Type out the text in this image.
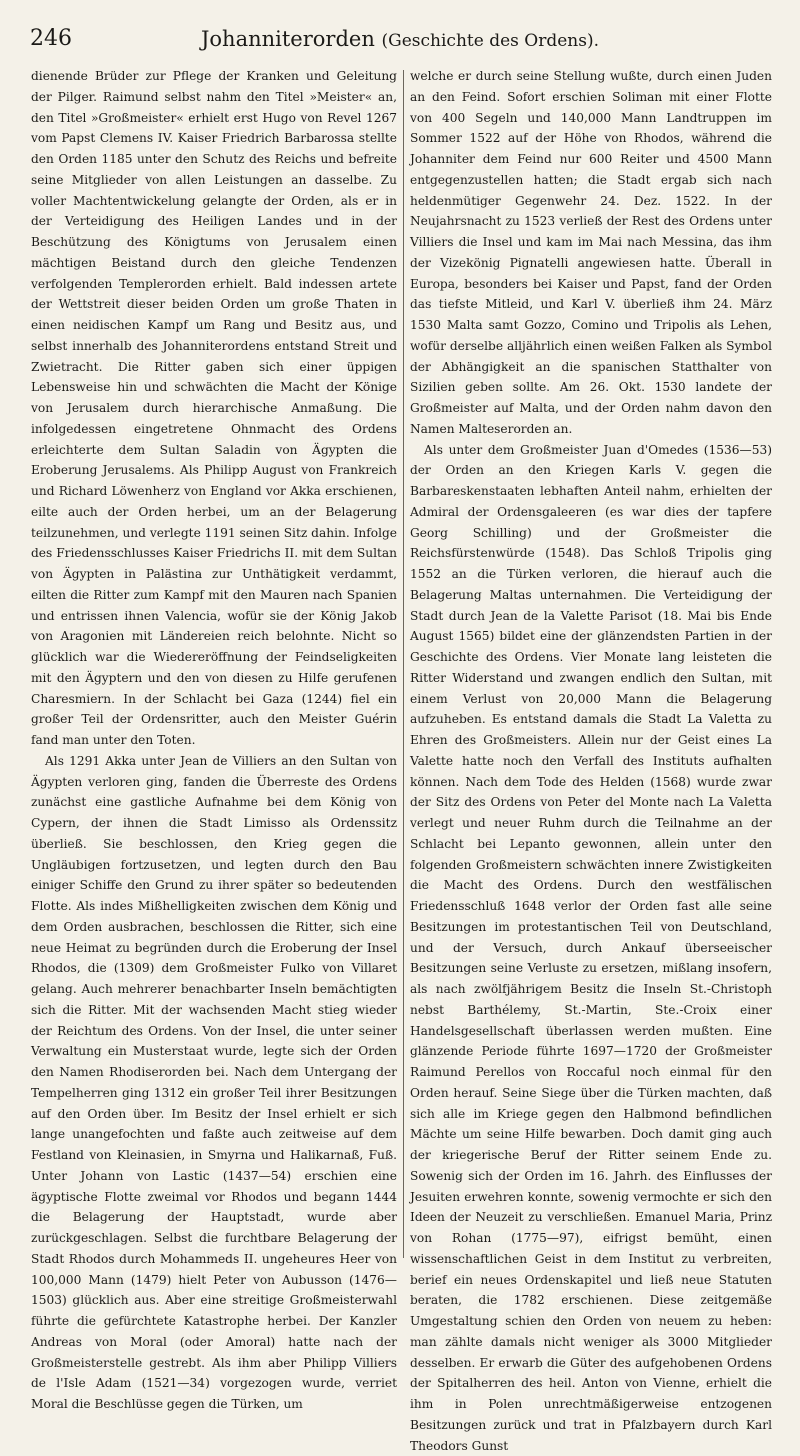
246	Johanniterorden (Geschichte des Ordens).

dienende Brüder zur Pflege der Kranken und Geleitung der Pilger. Raimund selbst nahm den Titel »Meister« an, den Titel »Großmeister« erhielt erst Hugo von Revel 1267 vom Papst Clemens IV. Kaiser Friedrich Barbarossa stellte den Orden 1185 unter den Schutz des Reichs und befreite seine Mitglieder von allen Leistungen an dasselbe. Zu voller Machtentwickelung gelangte der Orden, als er in der Verteidigung des Heiligen Landes und in der Beschützung des Königtums von Jerusalem einen mächtigen Beistand durch den gleiche Tendenzen verfolgenden Templerorden erhielt. Bald indessen artete der Wettstreit dieser beiden Orden um große Thaten in einen neidischen Kampf um Rang und Besitz aus, und selbst innerhalb des Johanniterordens entstand Streit und Zwietracht. Die Ritter gaben sich einer üppigen Lebensweise hin und schwächten die Macht der Könige von Jerusalem durch hierarchische Anmaßung. Die infolgedessen eingetretene Ohnmacht des Ordens erleichterte dem Sultan Saladin von Ägypten die Eroberung Jerusalems. Als Philipp August von Frankreich und Richard Löwenherz von England vor Akka erschienen, eilte auch der Orden herbei, um an der Belagerung teilzunehmen, und verlegte 1191 seinen Sitz dahin. Infolge des Friedensschlusses Kaiser Friedrichs II. mit dem Sultan von Ägypten in Palästina zur Unthätigkeit verdammt, eilten die Ritter zum Kampf mit den Mauren nach Spanien und entrissen ihnen Valencia, wofür sie der König Jakob von Aragonien mit Ländereien reich belohnte. Nicht so glücklich war die Wiedereröffnung der Feindseligkeiten mit den Ägyptern und den von diesen zu Hilfe gerufenen Charesmiern. In der Schlacht bei Gaza (1244) fiel ein großer Teil der Ordensritter, auch den Meister Guérin fand man unter den Toten.

Als 1291 Akka unter Jean de Villiers an den Sultan von Ägypten verloren ging, fanden die Überreste des Ordens zunächst eine gastliche Aufnahme bei dem König von Cypern, der ihnen die Stadt Limisso als Ordenssitz überließ. Sie beschlossen, den Krieg gegen die Ungläubigen fortzusetzen, und legten durch den Bau einiger Schiffe den Grund zu ihrer später so bedeutenden Flotte. Als indes Mißhelligkeiten zwischen dem König und dem Orden ausbrachen, beschlossen die Ritter, sich eine neue Heimat zu begründen durch die Eroberung der Insel Rhodos, die (1309) dem Großmeister Fulko von Villaret gelang. Auch mehrerer benachbarter Inseln bemächtigten sich die Ritter. Mit der wachsenden Macht stieg wieder der Reichtum des Ordens. Von der Insel, die unter seiner Verwaltung ein Musterstaat wurde, legte sich der Orden den Namen Rhodiserorden bei. Nach dem Untergang der Tempelherren ging 1312 ein großer Teil ihrer Besitzungen auf den Orden über. Im Besitz der Insel erhielt er sich lange unangefochten und faßte auch zeitweise auf dem Festland von Kleinasien, in Smyrna und Halikarnaß, Fuß. Unter Johann von Lastic (1437—54) erschien eine ägyptische Flotte zweimal vor Rhodos und begann 1444 die Belagerung der Hauptstadt, wurde aber zurückgeschlagen. Selbst die furchtbare Belagerung der Stadt Rhodos durch Mohammeds II. ungeheures Heer von 100,000 Mann (1479) hielt Peter von Aubusson (1476—1503) glücklich aus. Aber eine streitige Großmeisterwahl führte die gefürchtete Katastrophe herbei. Der Kanzler Andreas von Moral (oder Amoral) hatte nach der Großmeisterstelle gestrebt. Als ihm aber Philipp Villiers de l'Isle Adam (1521—34) vorgezogen wurde, verriet Moral die Beschlüsse gegen die Türken, um

welche er durch seine Stellung wußte, durch einen Juden an den Feind. Sofort erschien Soliman mit einer Flotte von 400 Segeln und 140,000 Mann Landtruppen im Sommer 1522 auf der Höhe von Rhodos, während die Johanniter dem Feind nur 600 Reiter und 4500 Mann entgegenzustellen hatten; die Stadt ergab sich nach heldenmütiger Gegenwehr 24. Dez. 1522. In der Neujahrsnacht zu 1523 verließ der Rest des Ordens unter Villiers die Insel und kam im Mai nach Messina, das ihm der Vizekönig Pignatelli angewiesen hatte. Überall in Europa, besonders bei Kaiser und Papst, fand der Orden das tiefste Mitleid, und Karl V. überließ ihm 24. März 1530 Malta samt Gozzo, Comino und Tripolis als Lehen, wofür derselbe alljährlich einen weißen Falken als Symbol der Abhängigkeit an die spanischen Statthalter von Sizilien geben sollte. Am 26. Okt. 1530 landete der Großmeister auf Malta, und der Orden nahm davon den Namen Malteserorden an.

Als unter dem Großmeister Juan d'Omedes (1536—53) der Orden an den Kriegen Karls V. gegen die Barbareskenstaaten lebhaften Anteil nahm, erhielten der Admiral der Ordensgaleeren (es war dies der tapfere Georg Schilling) und der Großmeister die Reichsfürstenwürde (1548). Das Schloß Tripolis ging 1552 an die Türken verloren, die hierauf auch die Belagerung Maltas unternahmen. Die Verteidigung der Stadt durch Jean de la Valette Parisot (18. Mai bis Ende August 1565) bildet eine der glänzendsten Partien in der Geschichte des Ordens. Vier Monate lang leisteten die Ritter Widerstand und zwangen endlich den Sultan, mit einem Verlust von 20,000 Mann die Belagerung aufzuheben. Es entstand damals die Stadt La Valetta zu Ehren des Großmeisters. Allein nur der Geist eines La Valette hatte noch den Verfall des Instituts aufhalten können. Nach dem Tode des Helden (1568) wurde zwar der Sitz des Ordens von Peter del Monte nach La Valetta verlegt und neuer Ruhm durch die Teilnahme an der Schlacht bei Lepanto gewonnen, allein unter den folgenden Großmeistern schwächten innere Zwistigkeiten die Macht des Ordens. Durch den westfälischen Friedensschluß 1648 verlor der Orden fast alle seine Besitzungen im protestantischen Teil von Deutschland, und der Versuch, durch Ankauf überseeischer Besitzungen seine Verluste zu ersetzen, mißlang insofern, als nach zwölfjährigem Besitz die Inseln St.-Christoph nebst Barthélemy, St.-Martin, Ste.-Croix einer Handelsgesellschaft überlassen werden mußten. Eine glänzende Periode führte 1697—1720 der Großmeister Raimund Perellos von Roccaful noch einmal für den Orden herauf. Seine Siege über die Türken machten, daß sich alle im Kriege gegen den Halbmond befindlichen Mächte um seine Hilfe bewarben. Doch damit ging auch der kriegerische Beruf der Ritter seinem Ende zu. Sowenig sich der Orden im 16. Jahrh. des Einflusses der Jesuiten erwehren konnte, sowenig vermochte er sich den Ideen der Neuzeit zu verschließen. Emanuel Maria, Prinz von Rohan (1775—97), eifrigst bemüht, einen wissenschaftlichen Geist in dem Institut zu verbreiten, berief ein neues Ordenskapitel und ließ neue Statuten beraten, die 1782 erschienen. Diese zeitgemäße Umgestaltung schien den Orden von neuem zu heben: man zählte damals nicht weniger als 3000 Mitglieder desselben. Er erwarb die Güter des aufgehobenen Ordens der Spitalherren des heil. Anton von Vienne, erhielt die ihm in Polen unrechtmäßigerweise entzogenen Besitzungen zurück und trat in Pfalzbayern durch Karl Theodors Gunst
